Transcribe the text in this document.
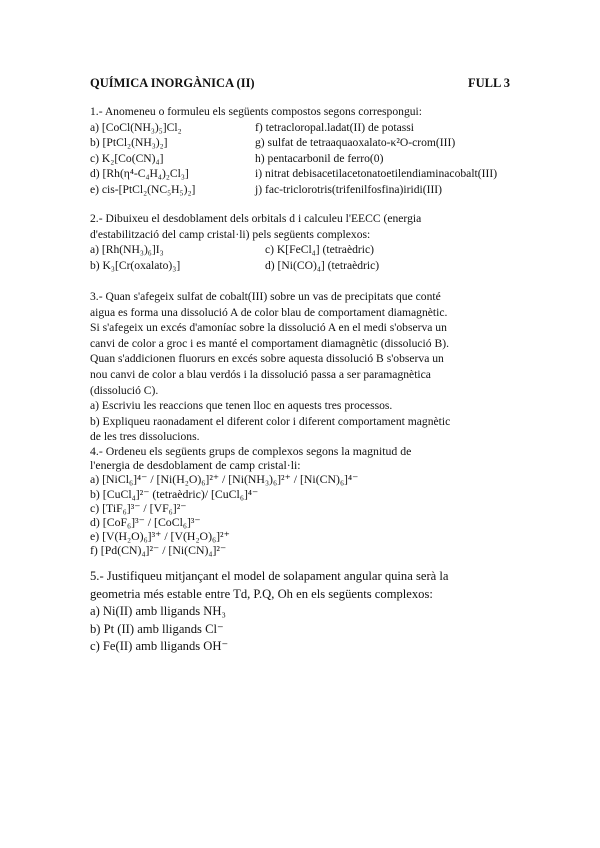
QUÍMICA INORGÀNICA (II)	FULL 3
1.- Anomeneu o formuleu els següents compostos segons correspongui:
a) [CoCl(NH₃)₅]Cl₂	f) tetracloropal.ladat(II) de potassi
b) [PtCl₂(NH₃)₂]	g) sulfat de tetraaquaoxalato-κ²O-crom(III)
c) K₂[Co(CN)₄]	h) pentacarbonil de ferro(0)
d) [Rh(η⁴-C₄H₄)₂Cl₃]	i) nitrat debisacetilacetonatoetilendiaminacobalt(III)
e) cis-[PtCl₂(NC₅H₅)₂]	j) fac-triclorotris(trifenilfosfina)iridi(III)
2.- Dibuixeu el desdoblament dels orbitals d i calculeu l'EECC (energia
d'estabilització del camp cristal·li) pels següents complexos:
a) [Rh(NH₃)₆]I₃	c) K[FeCl₄] (tetraèdric)
b) K₃[Cr(oxalato)₃]	d) [Ni(CO)₄] (tetraèdric)
3.- Quan s'afegeix sulfat de cobalt(III) sobre un vas de precipitats que conté
aigua es forma una dissolució A de color blau de comportament diamagnètic.
Si s'afegeix un excés d'amoníac sobre la dissolució A en el medi s'observa un
canvi de color a groc i es manté el comportament diamagnètic (dissolució B).
Quan s'addicionen fluorurs en excés sobre aquesta dissolució B s'observa un
nou canvi de color a blau verdós i la dissolució passa a ser paramagnètica
(dissolució C).
a) Escriviu les reaccions que tenen lloc en aquests tres processos.
b) Expliqueu raonadament el diferent color i diferent comportament magnètic
de les tres dissolucions.
4.- Ordeneu els següents grups de complexos segons la magnitud de
l'energia de desdoblament de camp cristal·li:
a) [NiCl₆]⁴⁻ / [Ni(H₂O)₆]²⁺ / [Ni(NH₃)₆]²⁺ / [Ni(CN)₆]⁴⁻
b) [CuCl₄]²⁻ (tetraèdric)/ [CuCl₆]⁴⁻
c) [TiF₆]³⁻ / [VF₆]²⁻
d) [CoF₆]³⁻ / [CoCl₆]³⁻
e) [V(H₂O)₆]³⁺ / [V(H₂O)₆]²⁺
f) [Pd(CN)₄]²⁻ / [Ni(CN)₄]²⁻
5.- Justifiqueu mitjançant el model de solapament angular quina serà la
geometria més estable entre Td, P.Q, Oh en els següents complexos:
a) Ni(II) amb lligands NH₃
b) Pt (II) amb lligands Cl⁻
c) Fe(II) amb lligands OH⁻
